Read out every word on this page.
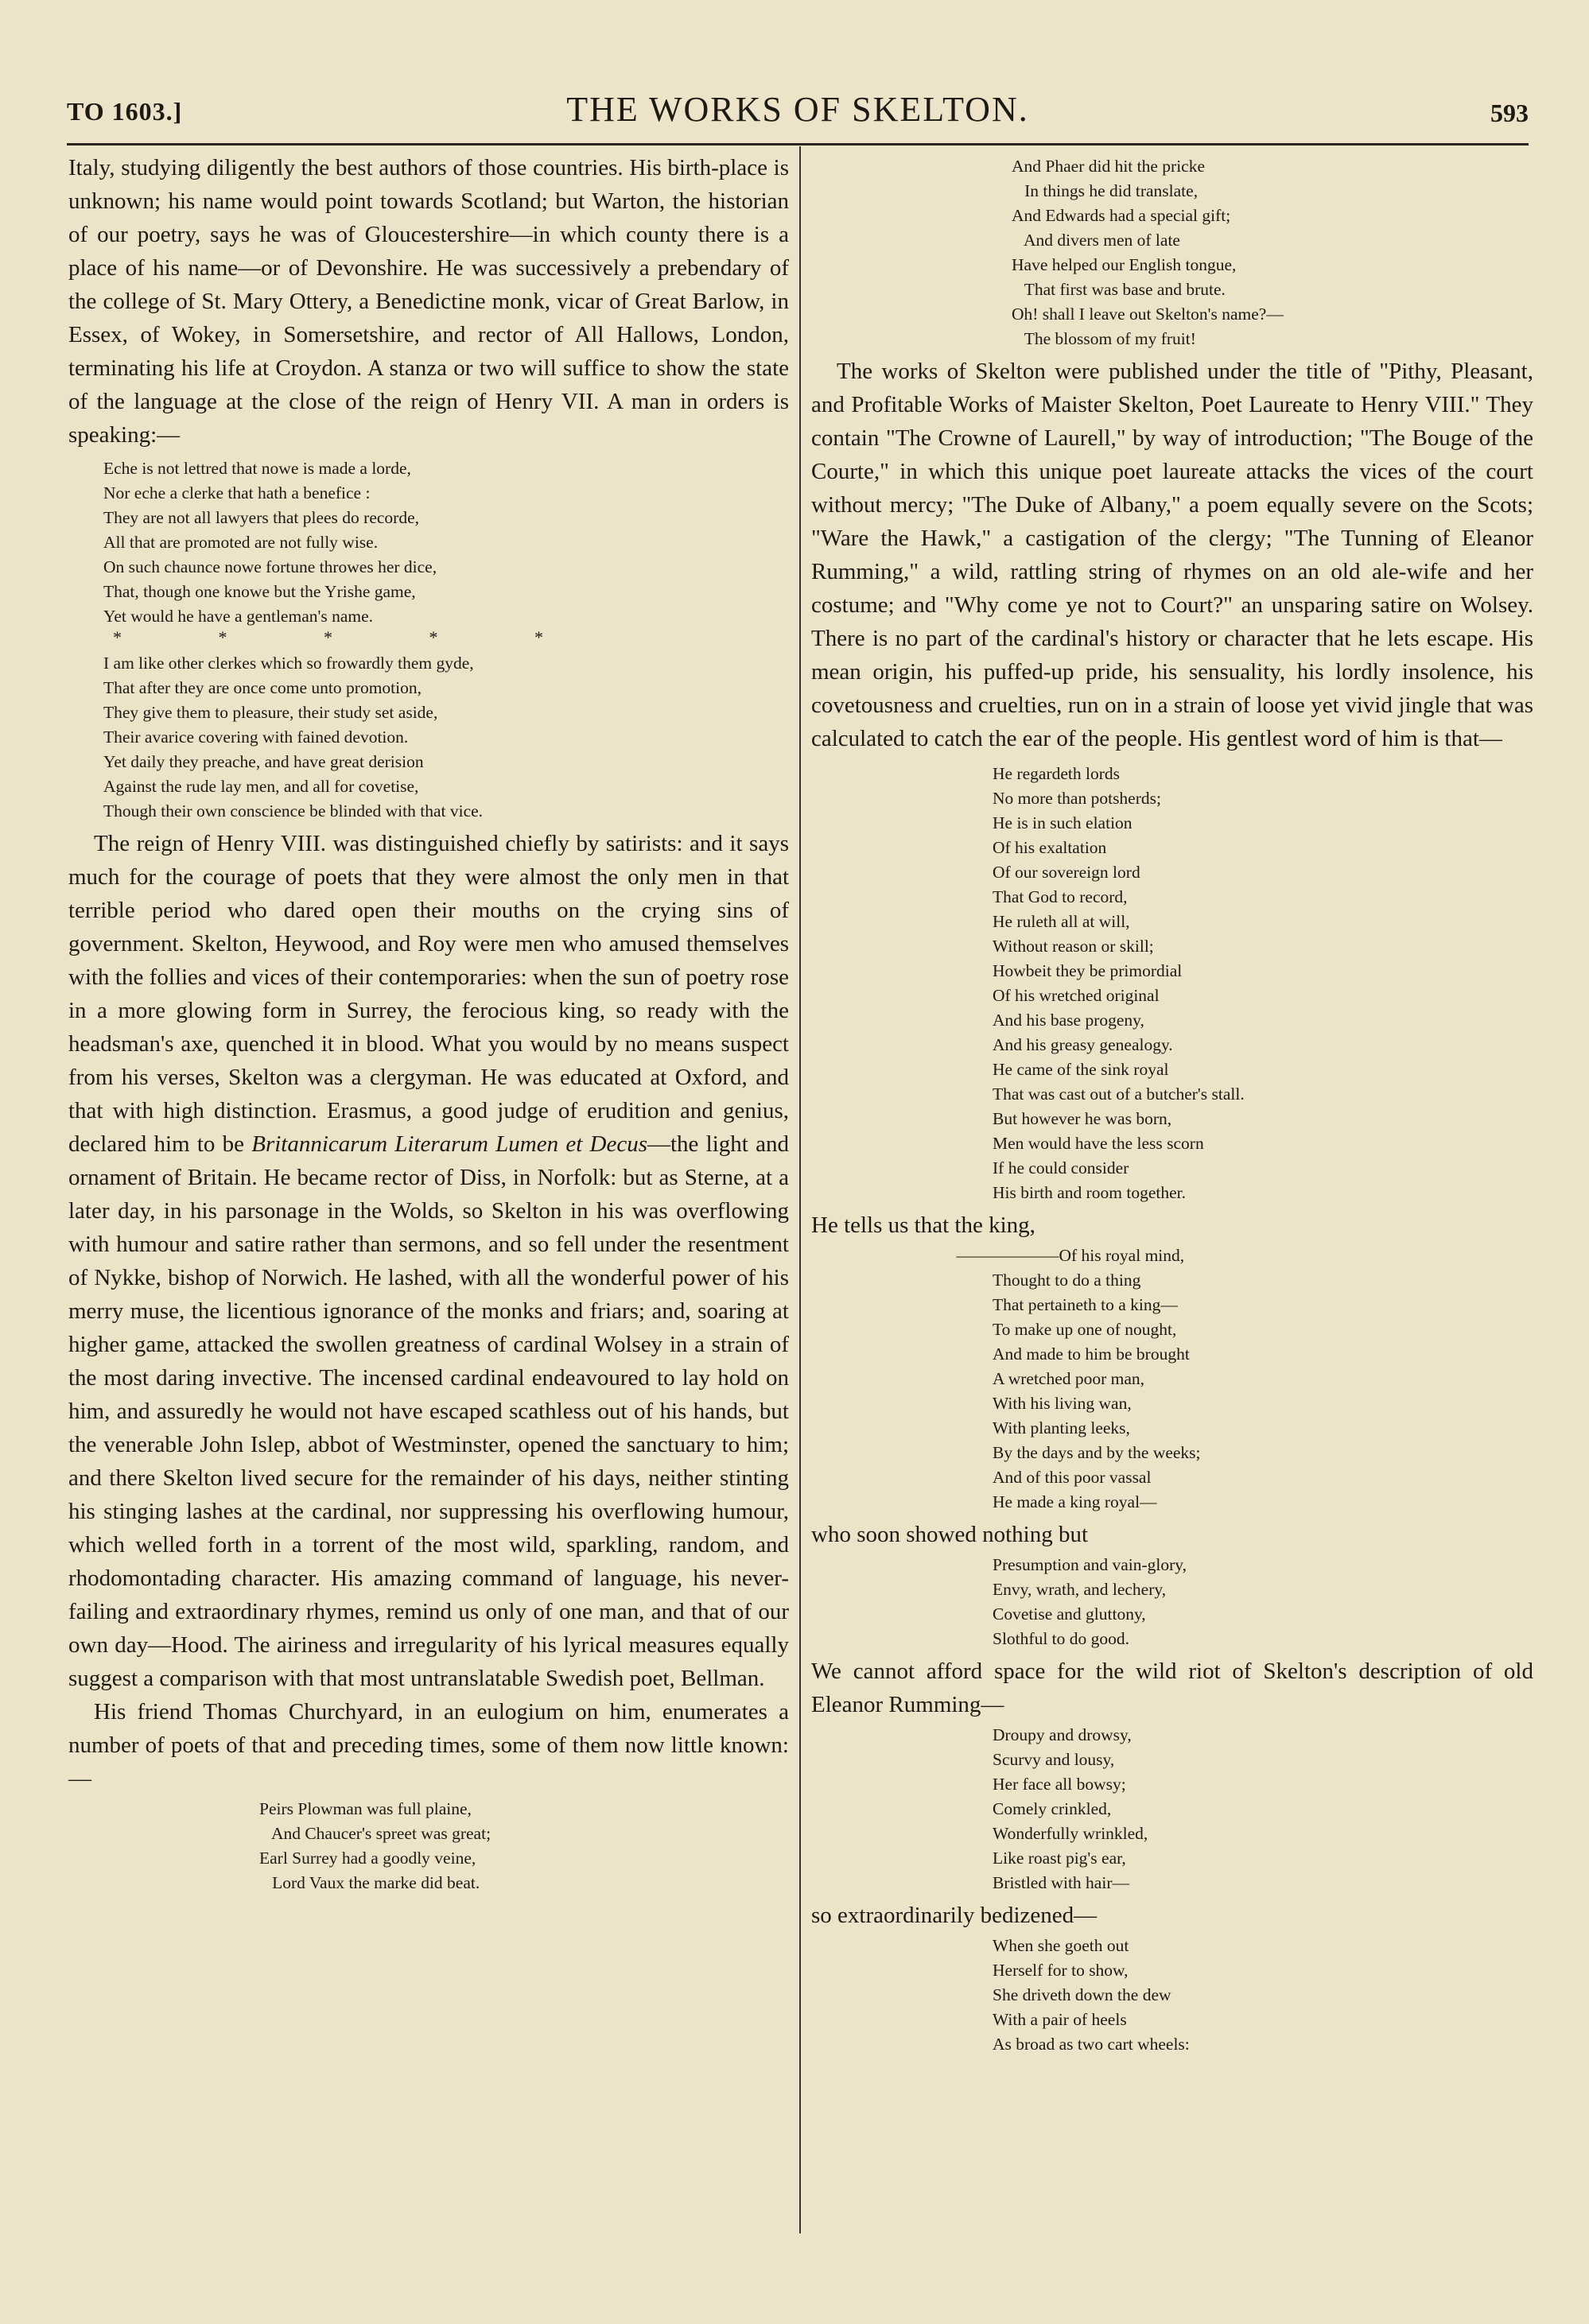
TO 1603.]	THE WORKS OF SKELTON.	593

Italy, studying diligently the best authors of those countries. His birth-place is unknown; his name would point towards Scotland; but Warton, the historian of our poetry, says he was of Gloucestershire—in which county there is a place of his name—or of Devonshire. He was successively a prebendary of the college of St. Mary Ottery, a Benedictine monk, vicar of Great Barlow, in Essex, of Wokey, in Somersetshire, and rector of All Hallows, London, terminating his life at Croydon. A stanza or two will suffice to show the state of the language at the close of the reign of Henry VII. A man in orders is speaking:—

Eche is not lettred that nowe is made a lorde,
Nor eche a clerke that hath a benefice :
They are not all lawyers that plees do recorde,
All that are promoted are not fully wise.
On such chaunce nowe fortune throwes her dice,
That, though one knowe but the Yrishe game,
Yet would he have a gentleman's name.
* * * * *
I am like other clerkes which so frowardly them gyde,
That after they are once come unto promotion,
They give them to pleasure, their study set aside,
Their avarice covering with fained devotion.
Yet daily they preache, and have great derision
Against the rude lay men, and all for covetise,
Though their own conscience be blinded with that vice.

The reign of Henry VIII. was distinguished chiefly by satirists: and it says much for the courage of poets that they were almost the only men in that terrible period who dared open their mouths on the crying sins of government. Skelton, Heywood, and Roy were men who amused themselves with the follies and vices of their contemporaries: when the sun of poetry rose in a more glowing form in Surrey, the ferocious king, so ready with the headsman's axe, quenched it in blood. What you would by no means suspect from his verses, Skelton was a clergyman. He was educated at Oxford, and that with high distinction. Erasmus, a good judge of erudition and genius, declared him to be Britannicarum Literarum Lumen et Decus—the light and ornament of Britain. He became rector of Diss, in Norfolk: but as Sterne, at a later day, in his parsonage in the Wolds, so Skelton in his was overflowing with humour and satire rather than sermons, and so fell under the resentment of Nykke, bishop of Norwich. He lashed, with all the wonderful power of his merry muse, the licentious ignorance of the monks and friars; and, soaring at higher game, attacked the swollen greatness of cardinal Wolsey in a strain of the most daring invective. The incensed cardinal endeavoured to lay hold on him, and assuredly he would not have escaped scathless out of his hands, but the venerable John Islep, abbot of Westminster, opened the sanctuary to him; and there Skelton lived secure for the remainder of his days, neither stinting his stinging lashes at the cardinal, nor suppressing his overflowing humour, which welled forth in a torrent of the most wild, sparkling, random, and rhodomontading character. His amazing command of language, his never-failing and extraordinary rhymes, remind us only of one man, and that of our own day—Hood. The airiness and irregularity of his lyrical measures equally suggest a comparison with that most untranslatable Swedish poet, Bellman.

His friend Thomas Churchyard, in an eulogium on him, enumerates a number of poets of that and preceding times, some of them now little known:—

Peirs Plowman was full plaine,
And Chaucer's spreet was great;
Earl Surrey had a goodly veine,
Lord Vaux the marke did beat.
And Phaer did hit the pricke
In things he did translate,
And Edwards had a special gift;
And divers men of late
Have helped our English tongue,
That first was base and brute.
Oh! shall I leave out Skelton's name?—
The blossom of my fruit!

The works of Skelton were published under the title of "Pithy, Pleasant, and Profitable Works of Maister Skelton, Poet Laureate to Henry VIII." They contain "The Crowne of Laurell," by way of introduction; "The Bouge of the Courte," in which this unique poet laureate attacks the vices of the court without mercy; "The Duke of Albany," a poem equally severe on the Scots; "Ware the Hawk," a castigation of the clergy; "The Tunning of Eleanor Rumming," a wild, rattling string of rhymes on an old ale-wife and her costume; and "Why come ye not to Court?" an unsparing satire on Wolsey. There is no part of the cardinal's history or character that he lets escape. His mean origin, his puffed-up pride, his sensuality, his lordly insolence, his covetousness and cruelties, run on in a strain of loose yet vivid jingle that was calculated to catch the ear of the people. His gentlest word of him is that—

He regardeth lords
No more than potsherds;
He is in such elation
Of his exaltation
Of our sovereign lord
That God to record,
He ruleth all at will,
Without reason or skill;
Howbeit they be primordial
Of his wretched original
And his base progeny,
And his greasy genealogy.
He came of the sink royal
That was cast out of a butcher's stall.
But however he was born,
Men would have the less scorn
If he could consider
His birth and room together.

He tells us that the king,

——————Of his royal mind,
Thought to do a thing
That pertaineth to a king—
To make up one of nought,
And made to him be brought
A wretched poor man,
With his living wan,
With planting leeks,
By the days and by the weeks;
And of this poor vassal
He made a king royal—

who soon showed nothing but

Presumption and vain-glory,
Envy, wrath, and lechery,
Covetise and gluttony,
Slothful to do good.

We cannot afford space for the wild riot of Skelton's description of old Eleanor Rumming—

Droupy and drowsy,
Scurvy and lousy,
Her face all bowsy;
Comely crinkled,
Wonderfully wrinkled,
Like roast pig's ear,
Bristled with hair—

so extraordinarily bedizened—

When she goeth out
Herself for to show,
She driveth down the dew
With a pair of heels
As broad as two cart wheels:
